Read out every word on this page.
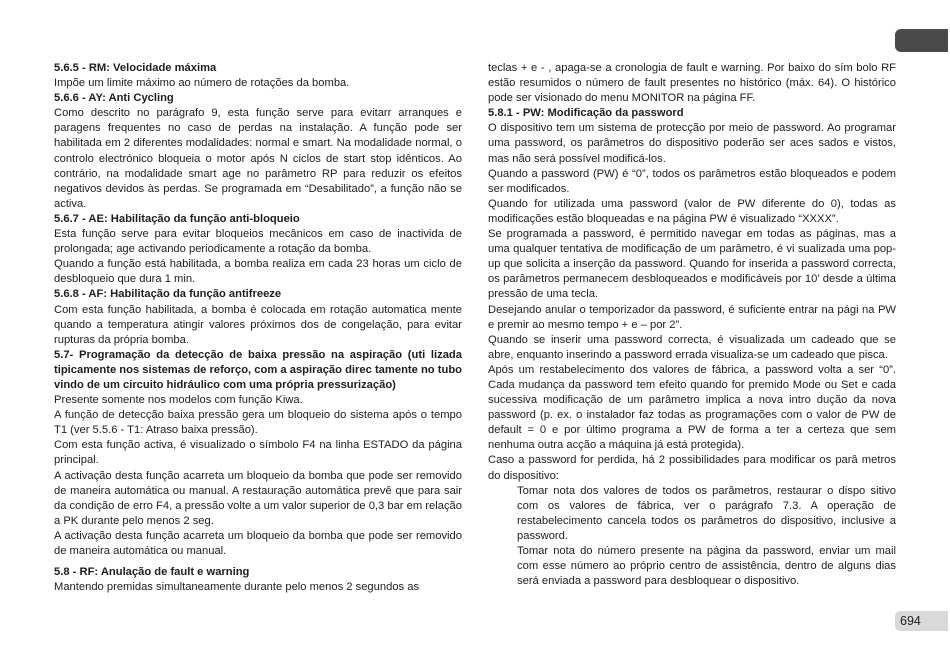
5.6.5 - RM: Velocidade máxima

Impõe um limite máximo ao número de rotações da bomba.

5.6.6 - AY: Anti Cycling

Como descrito no parágrafo 9, esta função serve para evitarr arranques e paragens frequentes no caso de perdas na instalação. A função pode ser habilitada em 2 diferentes modalidades: normal e smart. Na modalidade normal, o controlo electrónico bloqueia o motor após N ciclos de start stop idênticos. Ao contrário, na modalidade smart age no parâmetro RP para reduzir os efeitos negativos devidos às perdas. Se programada em “Desabilitado”, a função não se activa.

5.6.7 - AE: Habilitação da função anti-bloqueio

Esta função serve para evitar bloqueios mecânicos em caso de inactivida de prolongada; age activando periodicamente a rotação da bomba.

Quando a função está habilitada, a bomba realiza em cada 23 horas um ciclo de desbloqueio que dura 1 min.

5.6.8 - AF: Habilitação da função antifreeze

Com esta função habilitada, a bomba é colocada em rotação automatica mente quando a temperatura atingir valores próximos dos de congelação, para evitar rupturas da própria bomba.

5.7- Programação da detecção de baixa pressão na aspiração (uti lizada tipicamente nos sistemas de reforço, com a aspiração direc tamente no tubo vindo de um circuito hidráulico com uma própria pressurização)

Presente somente nos modelos com função Kiwa.

A função de detecção baixa pressão gera um bloqueio do sistema após o tempo T1 (ver 5.5.6 - T1: Atraso baixa pressão).

Com esta função activa, é visualizado o símbolo F4 na linha ESTADO da página principal.

A activação desta função acarreta um bloqueio da bomba que pode ser removido de maneira automática ou manual. A restauração automática prevê que para sair da condição de erro F4, a pressão volte a um valor superior de 0,3 bar em relação a PK durante pelo menos 2 seg.

A activação desta função acarreta um bloqueio da bomba que pode ser removido de maneira automática ou manual.

5.8 - RF: Anulação de fault e warning

Mantendo premidas simultaneamente durante pelo menos 2 segundos as

teclas + e - , apaga-se a cronologia de fault e warning. Por baixo do sím bolo RF estão resumidos o número de fault presentes no histórico (máx. 64). O histórico pode ser visionado do menu MONITOR na página FF.

5.8.1 - PW: Modificação da password

O dispositivo tem um sistema de protecção por meio de password. Ao programar uma password, os parâmetros do dispositivo poderão ser aces sados e vistos, mas não será possível modificá-los.

Quando a password (PW) é “0”, todos os parâmetros estão bloqueados e podem ser modificados.

Quando for utilizada uma password (valor de PW diferente do 0), todas as modificações estão bloqueadas e na página PW é visualizado “XXXX”.

Se programada a password, é permitido navegar em todas as páginas, mas a uma qualquer tentativa de modificação de um parâmetro, é vi sualizada uma pop-up que solicita a inserção da password. Quando for inserida a password correcta, os parâmetros permanecem desbloqueados e modificáveis por 10’ desde a última pressão de uma tecla.

Desejando anular o temporizador da password, é suficiente entrar na pági na PW e premir ao mesmo tempo + e – por 2”.

Quando se inserir uma password correcta, é visualizada um cadeado que se abre, enquanto inserindo a password errada visualiza-se um cadeado que pisca.

Após um restabelecimento dos valores de fábrica, a password volta a ser “0”. Cada mudança da password tem efeito quando for premido Mode ou Set e cada sucessiva modificação de um parâmetro implica a nova intro dução da nova password (p. ex. o instalador faz todas as programações com o valor de PW de default = 0 e por último programa a PW de forma a ter a certeza que sem nenhuma outra acção a máquina já está protegida).

Caso a password for perdida, há 2 possibilidades para modificar os parâ metros do dispositivo:

Tomar nota dos valores de todos os parâmetros, restaurar o dispo sitivo com os valores de fábrica, ver o parágrafo 7.3. A operação de restabelecimento cancela todos os parâmetros do dispositivo, inclusive a password.

Tomar nota do número presente na página da password, enviar um mail com esse número ao próprio centro de assistência, dentro de alguns dias será enviada a password para desbloquear o dispositivo.

694
